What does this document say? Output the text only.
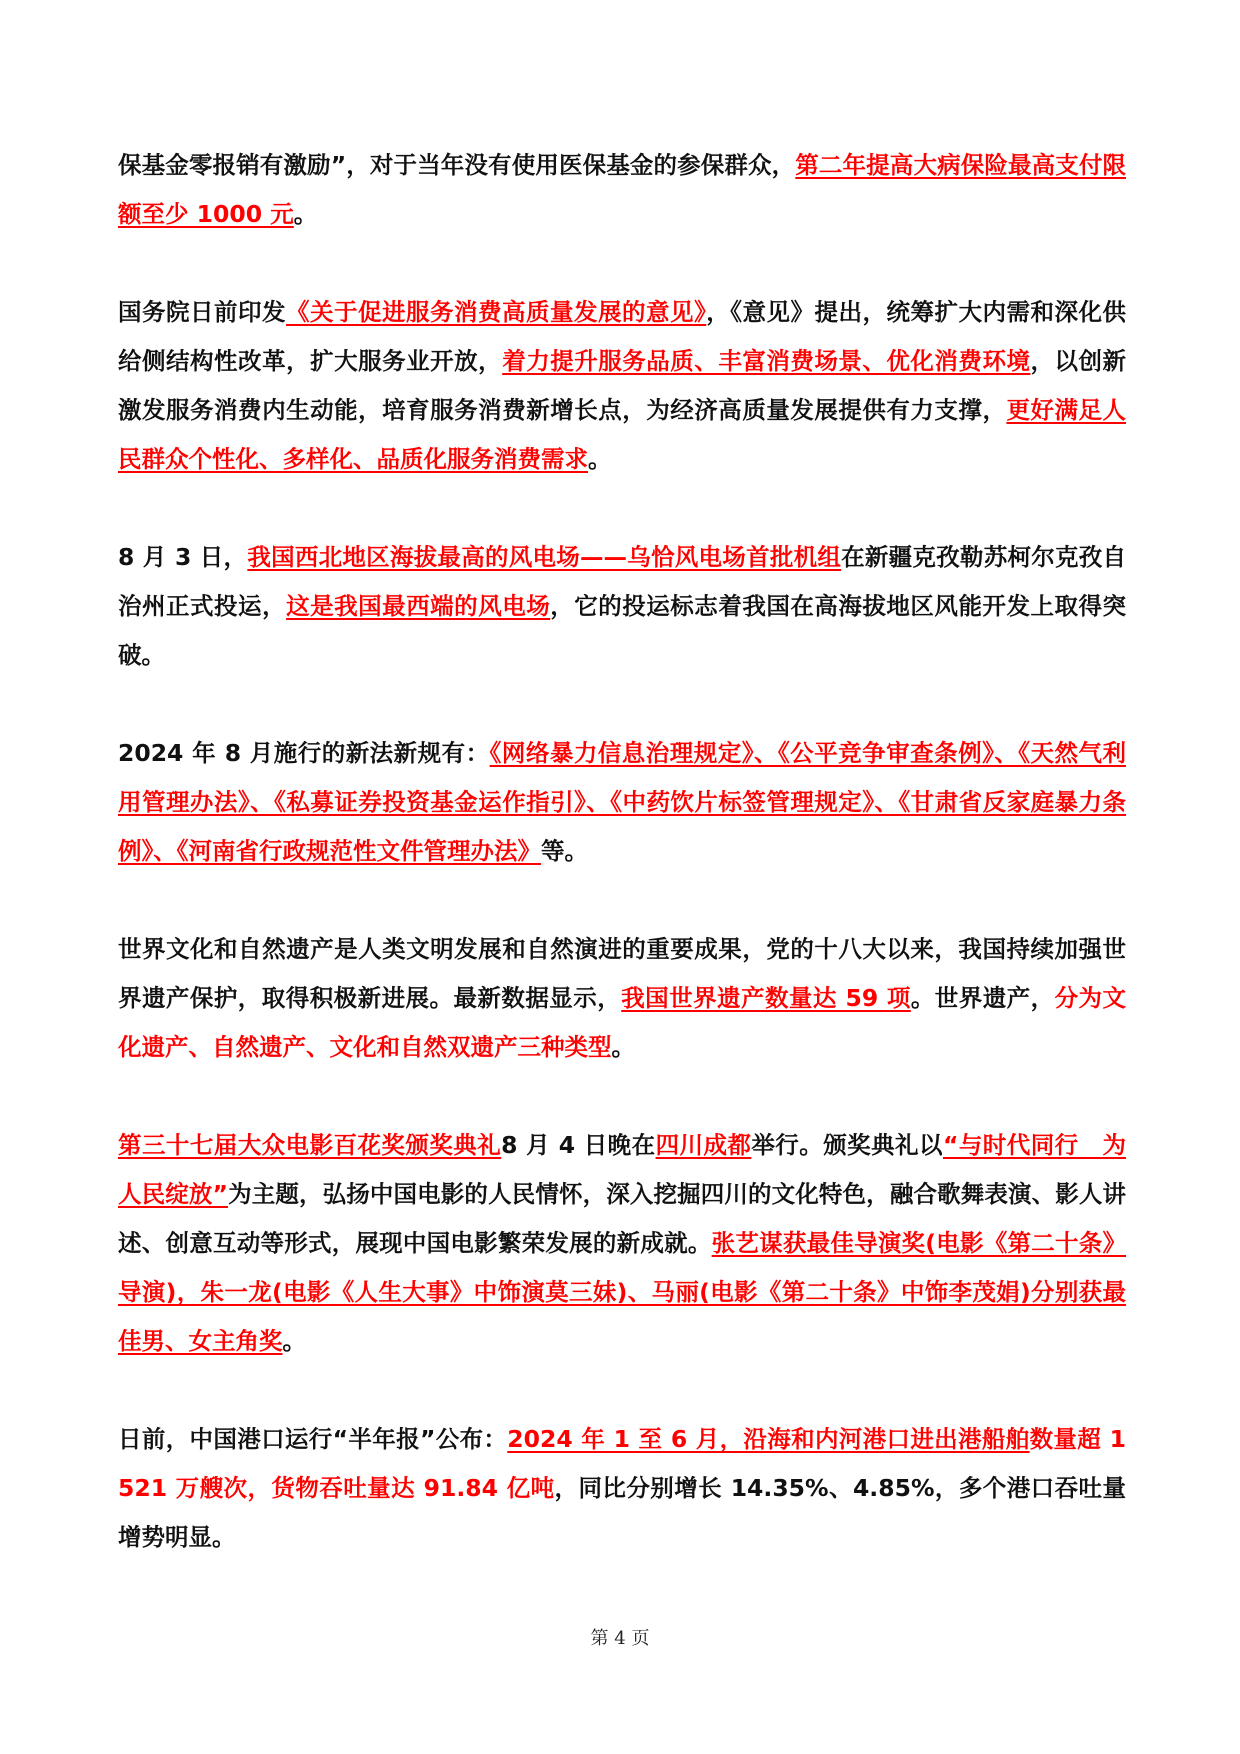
保基金零报销有激励”，对于当年没有使用医保基金的参保群众，第二年提高大病保险最高支付限额至少 1000 元。

国务院日前印发《关于促进服务消费高质量发展的意见》，《意见》提出，统筹扩大内需和深化供给侧结构性改革，扩大服务业开放，着力提升服务品质、丰富消费场景、优化消费环境，以创新激发服务消费内生动能，培育服务消费新增长点，为经济高质量发展提供有力支撑，更好满足人民群众个性化、多样化、品质化服务消费需求。

8 月 3 日，我国西北地区海拔最高的风电场——乌恰风电场首批机组在新疆克孜勒苏柯尔克孜自治州正式投运，这是我国最西端的风电场，它的投运标志着我国在高海拔地区风能开发上取得突破。

2024 年 8 月施行的新法新规有：《网络暴力信息治理规定》、《公平竞争审查条例》、《天然气利用管理办法》、《私募证券投资基金运作指引》、《中药饮片标签管理规定》、《甘肃省反家庭暴力条例》、《河南省行政规范性文件管理办法》等。

世界文化和自然遗产是人类文明发展和自然演进的重要成果，党的十八大以来，我国持续加强世界遗产保护，取得积极新进展。最新数据显示，我国世界遗产数量达 59 项。世界遗产，分为文化遗产、自然遗产、文化和自然双遗产三种类型。

第三十七届大众电影百花奖颁奖典礼8 月 4 日晚在四川成都举行。颁奖典礼以“与时代同行　为人民绽放”为主题，弘扬中国电影的人民情怀，深入挖掘四川的文化特色，融合歌舞表演、影人讲述、创意互动等形式，展现中国电影繁荣发展的新成就。张艺谋获最佳导演奖(电影《第二十条》导演)，朱一龙(电影《人生大事》中饰演莫三妹)、马丽(电影《第二十条》中饰李茂娟)分别获最佳男、女主角奖。

日前，中国港口运行“半年报”公布：2024 年 1 至 6 月，沿海和内河港口进出港船舶数量超 1521 万艘次，货物吞吐量达 91.84 亿吨，同比分别增长 14.35%、4.85%，多个港口吞吐量增势明显。

第 4 页
